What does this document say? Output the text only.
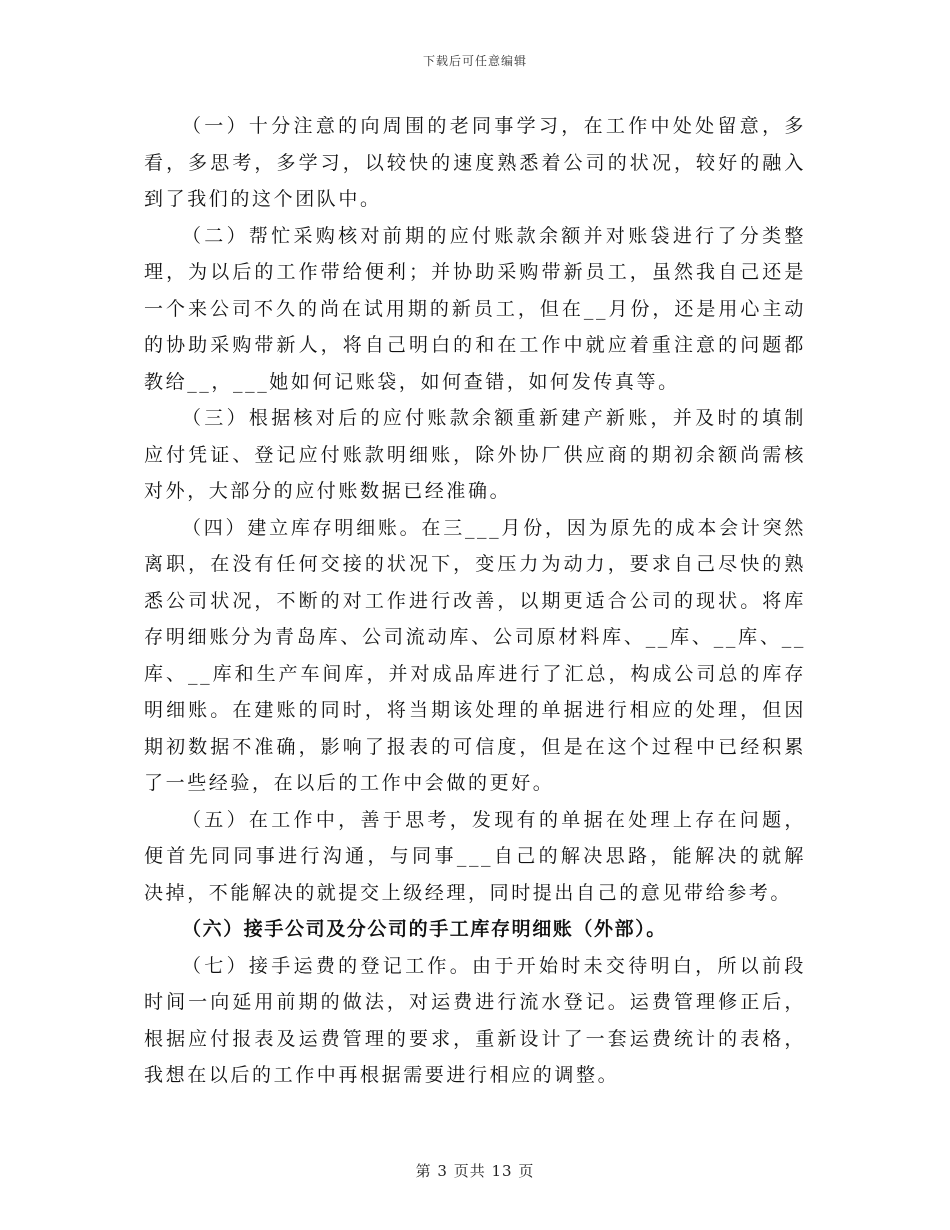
下载后可任意编辑

（一）十分注意的向周围的老同事学习，在工作中处处留意，多看，多思考，多学习，以较快的速度熟悉着公司的状况，较好的融入到了我们的这个团队中。

（二）帮忙采购核对前期的应付账款余额并对账袋进行了分类整理，为以后的工作带给便利；并协助采购带新员工，虽然我自己还是一个来公司不久的尚在试用期的新员工，但在__月份，还是用心主动的协助采购带新人，将自己明白的和在工作中就应着重注意的问题都教给__，___她如何记账袋，如何查错，如何发传真等。

（三）根据核对后的应付账款余额重新建产新账，并及时的填制应付凭证、登记应付账款明细账，除外协厂供应商的期初余额尚需核对外，大部分的应付账数据已经准确。

（四）建立库存明细账。在三___月份，因为原先的成本会计突然离职，在没有任何交接的状况下，变压力为动力，要求自己尽快的熟悉公司状况，不断的对工作进行改善，以期更适合公司的现状。将库存明细账分为青岛库、公司流动库、公司原材料库、__库、__库、__库、__库和生产车间库，并对成品库进行了汇总，构成公司总的库存明细账。在建账的同时，将当期该处理的单据进行相应的处理，但因期初数据不准确，影响了报表的可信度，但是在这个过程中已经积累了一些经验，在以后的工作中会做的更好。

（五）在工作中，善于思考，发现有的单据在处理上存在问题，便首先同同事进行沟通，与同事___自己的解决思路，能解决的就解决掉，不能解决的就提交上级经理，同时提出自己的意见带给参考。

（六）接手公司及分公司的手工库存明细账（外部）。

（七）接手运费的登记工作。由于开始时未交待明白，所以前段时间一向延用前期的做法，对运费进行流水登记。运费管理修正后，根据应付报表及运费管理的要求，重新设计了一套运费统计的表格，我想在以后的工作中再根据需要进行相应的调整。

第 3 页共 13 页
